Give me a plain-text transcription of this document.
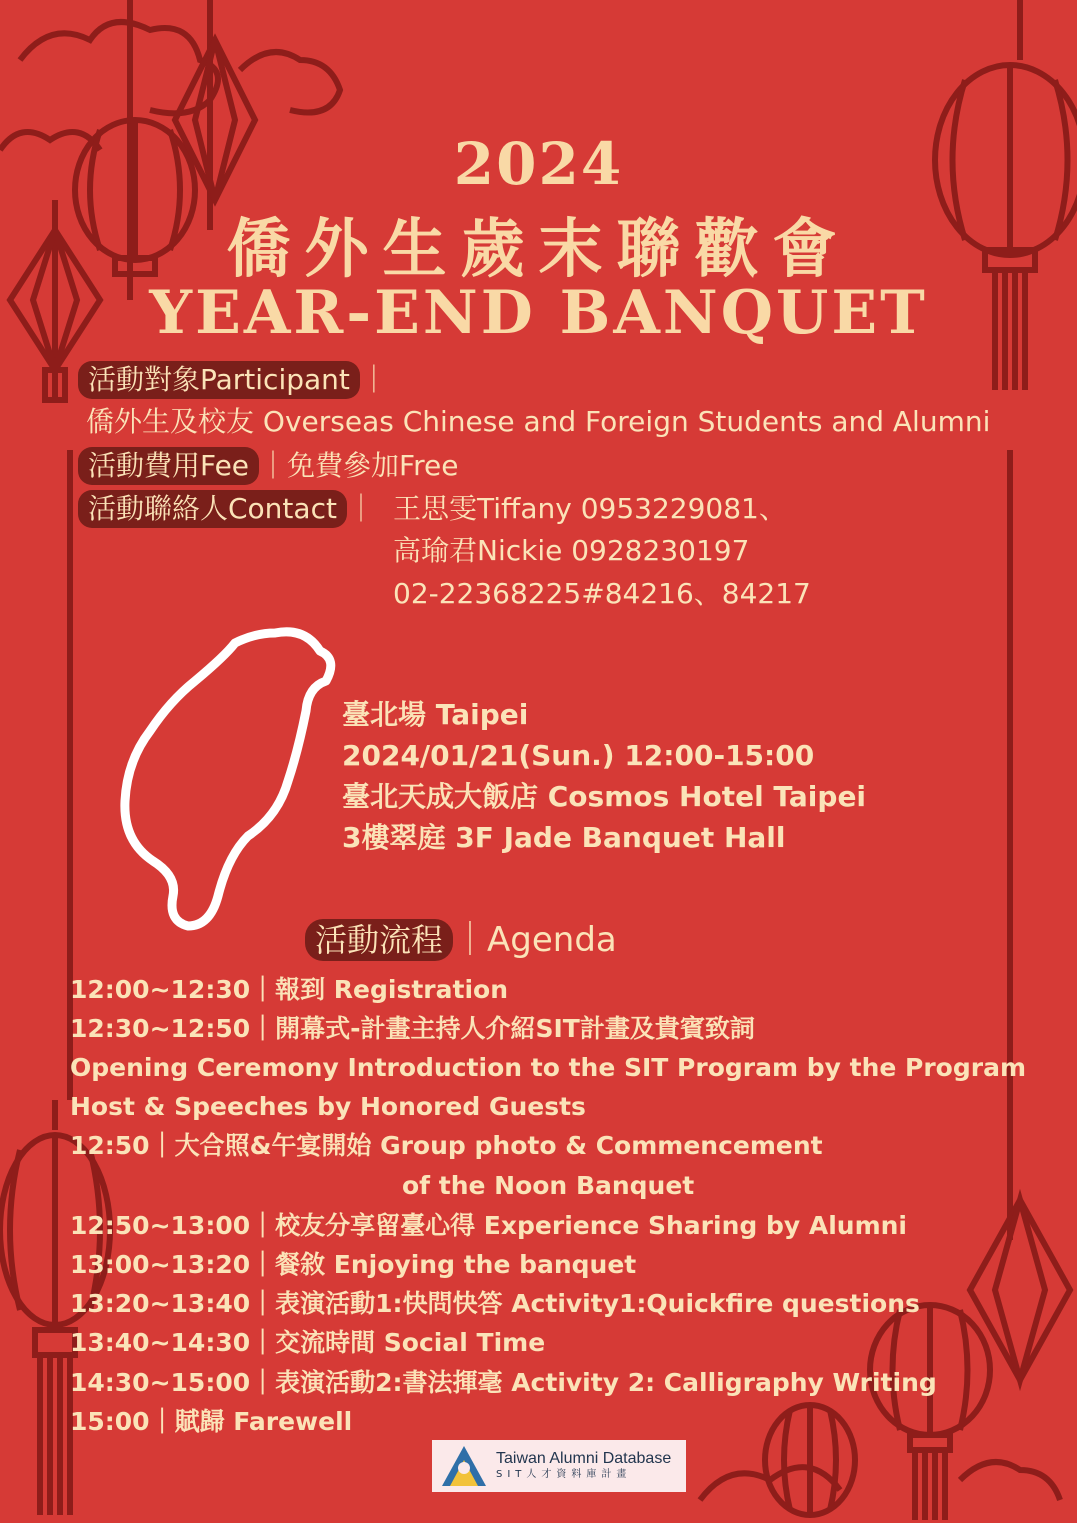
2024
僑外生歲末聯歡會
YEAR-END BANQUET
活動對象Participant ｜
僑外生及校友 Overseas Chinese and Foreign Students and Alumni
活動費用Fee ｜免費參加Free
活動聯絡人Contact ｜ 王思雯Tiffany 0953229081、
高瑜君Nickie 0928230197
02-22368225#84216、84217
臺北場 Taipei
2024/01/21(Sun.) 12:00-15:00
臺北天成大飯店 Cosmos Hotel Taipei
3樓翠庭 3F Jade Banquet Hall
活動流程 ｜Agenda
12:00~12:30｜報到 Registration
12:30~12:50｜開幕式-計畫主持人介紹SIT計畫及貴賓致詞
Opening Ceremony Introduction to the SIT Program by the Program
Host & Speeches by Honored Guests
12:50｜大合照&午宴開始 Group photo & Commencement
of the Noon Banquet
12:50~13:00｜校友分享留臺心得 Experience Sharing by Alumni
13:00~13:20｜餐敘 Enjoying the banquet
13:20~13:40｜表演活動1:快問快答 Activity1:Quickfire questions
13:40~14:30｜交流時間 Social Time
14:30~15:00｜表演活動2:書法揮毫 Activity 2: Calligraphy Writing
15:00｜賦歸 Farewell
Taiwan Alumni Database
SIT人才資料庫計畫
